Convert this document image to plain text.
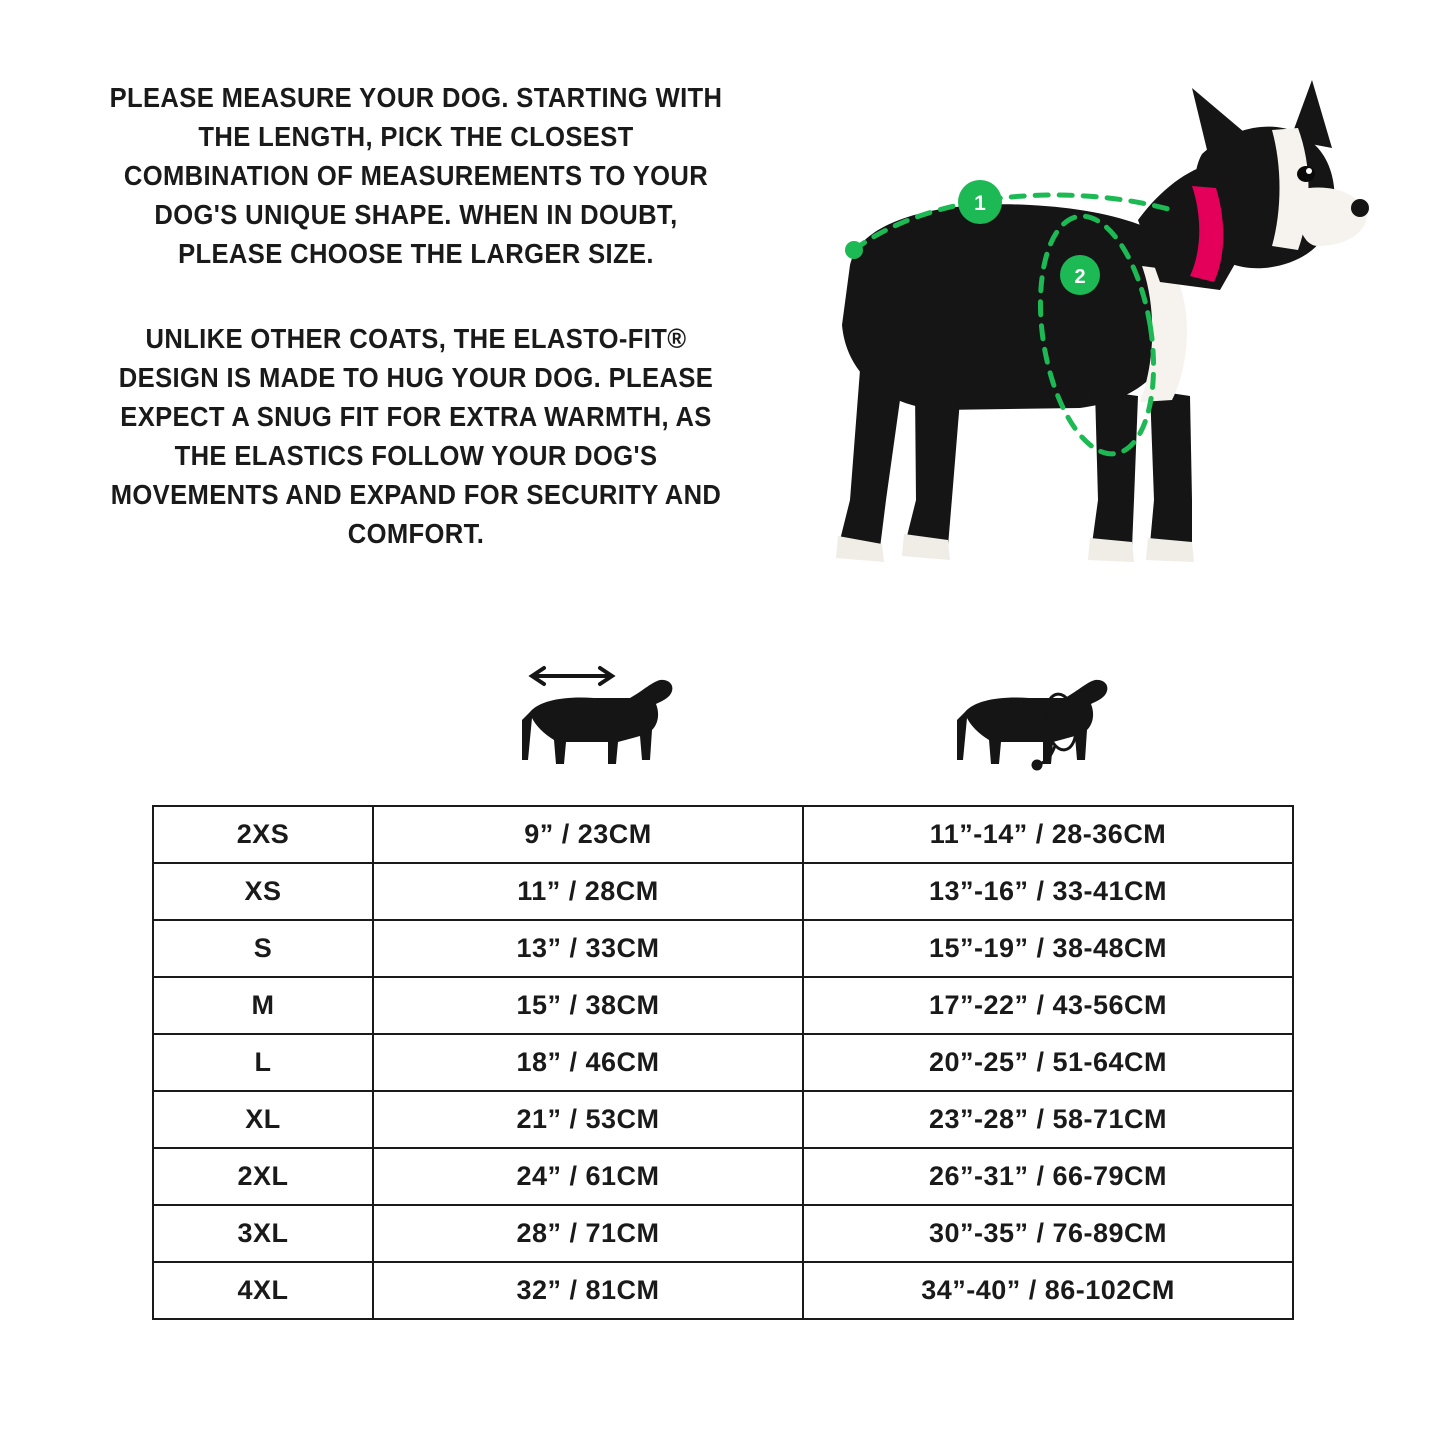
PLEASE MEASURE YOUR DOG. STARTING WITH THE LENGTH, PICK THE CLOSEST COMBINATION OF MEASUREMENTS TO YOUR DOG'S UNIQUE SHAPE. WHEN IN DOUBT, PLEASE CHOOSE THE LARGER SIZE.

UNLIKE OTHER COATS, THE ELASTO-FIT® DESIGN IS MADE TO HUG YOUR DOG. PLEASE EXPECT A SNUG FIT FOR EXTRA WARMTH, AS THE ELASTICS FOLLOW YOUR DOG'S MOVEMENTS AND EXPAND FOR SECURITY AND COMFORT.

1
2
2XS	9” / 23CM	11”-14” / 28-36CM
XS	11” / 28CM	13”-16” / 33-41CM
S	13” / 33CM	15”-19” / 38-48CM
M	15” / 38CM	17”-22” / 43-56CM
L	18” / 46CM	20”-25” / 51-64CM
XL	21” / 53CM	23”-28” / 58-71CM
2XL	24” / 61CM	26”-31” / 66-79CM
3XL	28” / 71CM	30”-35” / 76-89CM
4XL	32” / 81CM	34”-40” / 86-102CM
